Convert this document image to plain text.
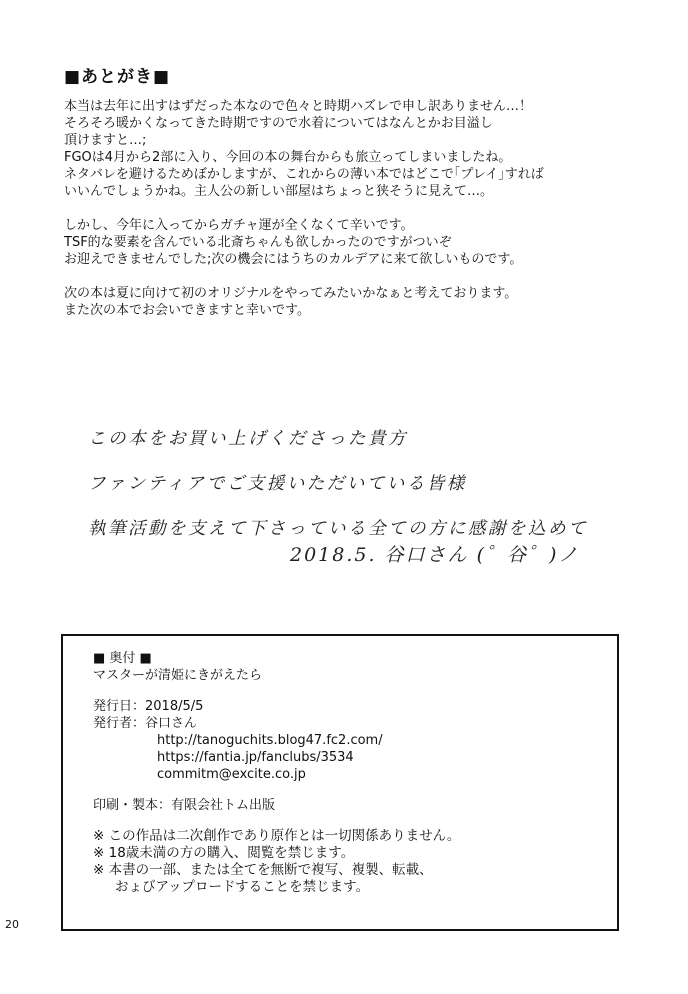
■あとがき■

本当は去年に出すはずだった本なので色々と時期ハズレで申し訳ありません…！

そろそろ暖かくなってきた時期ですので水着についてはなんとかお目溢し

頂けますと…;

FGOは4月から2部に入り、今回の本の舞台からも旅立ってしまいましたね。

ネタバレを避けるためぼかしますが、これからの薄い本ではどこで｢プレイ｣すれば

いいんでしょうかね。主人公の新しい部屋はちょっと狭そうに見えて…。

しかし、今年に入ってからガチャ運が全くなくて辛いです。

TSF的な要素を含んでいる北斎ちゃんも欲しかったのですがついぞ

お迎えできませんでした;次の機会にはうちのカルデアに来て欲しいものです。

次の本は夏に向けて初のオリジナルをやってみたいかなぁと考えております。

また次の本でお会いできますと幸いです。

この本をお買い上げくださった貴方

ファンティアでご支援いただいている皆様

執筆活動を支えて下さっている全ての方に感謝を込めて

2018.5. 谷口さん (゜谷゜)ノ

■ 奥付 ■

マスターが清姫にきがえたら

発行日：2018/5/5

発行者：谷口さん

http://tanoguchits.blog47.fc2.com/

https://fantia.jp/fanclubs/3534

commitm@excite.co.jp

印刷・製本：有限会社トム出版

※ この作品は二次創作であり原作とは一切関係ありません。

※ 18歳未満の方の購入、閲覧を禁じます。

※ 本書の一部、または全てを無断で複写、複製、転載、

おょびアップロードすることを禁じます。

20
